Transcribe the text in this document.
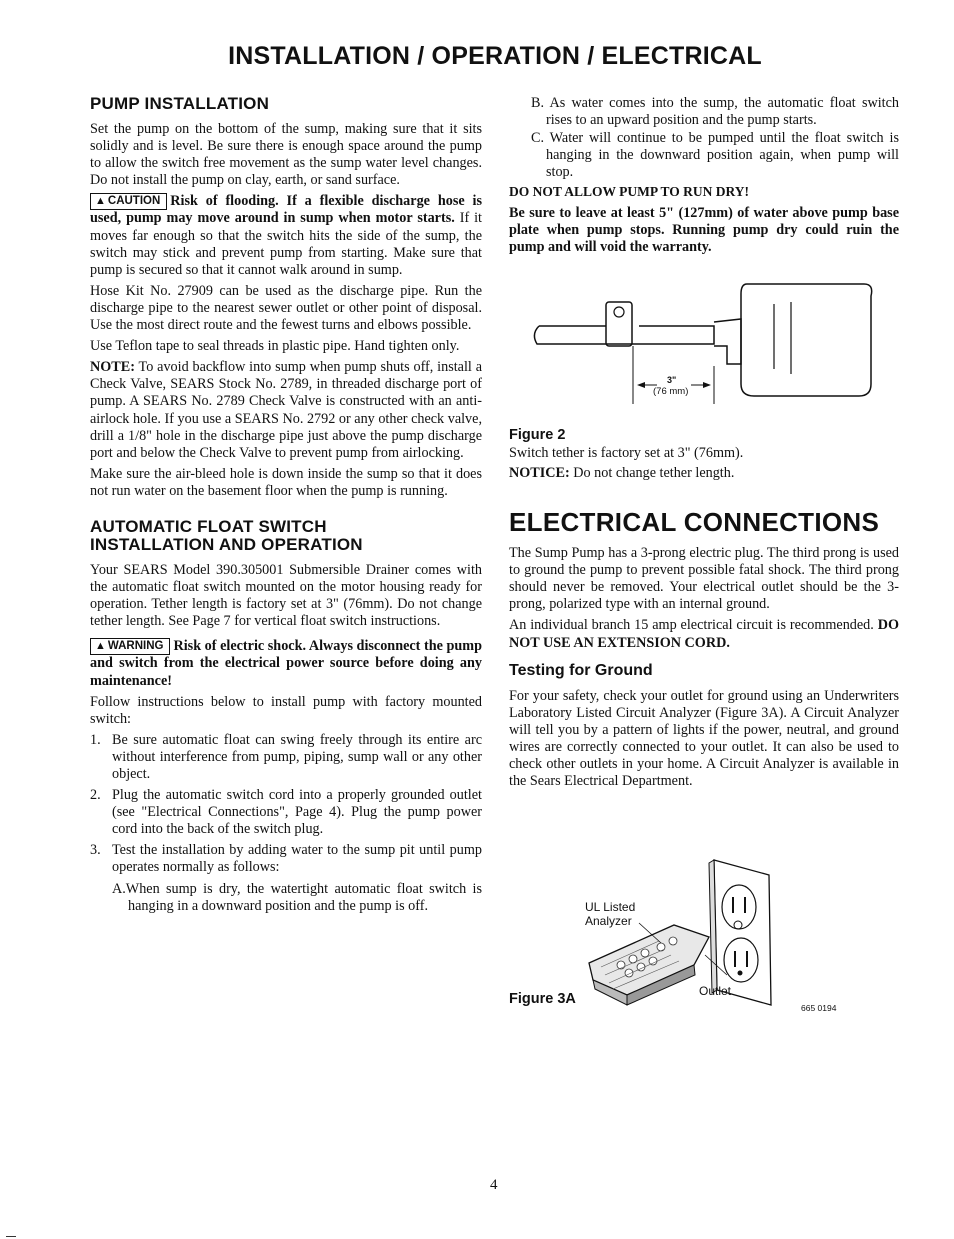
INSTALLATION / OPERATION / ELECTRICAL
PUMP INSTALLATION

Set the pump on the bottom of the sump, making sure that it sits solidly and is level. Be sure there is enough space around the pump to allow the switch free movement as the sump water level changes. Do not install the pump on clay, earth, or sand surface.

▲ CAUTION Risk of flooding. If a flexible discharge hose is used, pump may move around in sump when motor starts. If it moves far enough so that the switch hits the side of the sump, the switch may stick and prevent pump from starting. Make sure that pump is secured so that it cannot walk around in sump.

Hose Kit No. 27909 can be used as the discharge pipe. Run the discharge pipe to the nearest sewer outlet or other point of disposal. Use the most direct route and the fewest turns and elbows possible.

Use Teflon tape to seal threads in plastic pipe. Hand tighten only.

NOTE: To avoid backflow into sump when pump shuts off, install a Check Valve, SEARS Stock No. 2789, in threaded discharge port of pump. A SEARS No. 2789 Check Valve is constructed with an anti-airlock hole. If you use a SEARS No. 2792 or any other check valve, drill a 1/8" hole in the discharge pipe just above the pump discharge port and below the Check Valve to prevent pump from airlocking.

Make sure the air-bleed hole is down inside the sump so that it does not run water on the basement floor when the pump is running.

AUTOMATIC FLOAT SWITCH
INSTALLATION AND OPERATION

Your SEARS Model 390.305001 Submersible Drainer comes with the automatic float switch mounted on the motor housing ready for operation. Tether length is factory set at 3" (76mm). Do not change tether length. See Page 7 for vertical float switch instructions.

▲ WARNING Risk of electric shock. Always disconnect the pump and switch from the electrical power source before doing any maintenance!

Follow instructions below to install pump with factory mounted switch:

1. Be sure automatic float can swing freely through its entire arc without interference from pump, piping, sump wall or any other object.
2. Plug the automatic switch cord into a properly grounded outlet (see "Electrical Connections", Page 4). Plug the pump power cord into the back of the switch plug.
3. Test the installation by adding water to the sump pit until pump operates normally as follows:
A.When sump is dry, the watertight automatic float switch is hanging in a downward position and the pump is off.

B. As water comes into the sump, the automatic float switch rises to an upward position and the pump starts.

C. Water will continue to be pumped until the float switch is hanging in the downward position again, when pump will stop.

DO NOT ALLOW PUMP TO RUN DRY!

Be sure to leave at least 5" (127mm) of water above pump base plate when pump stops. Running pump dry could ruin the pump and will void the warranty.

3"
(76 mm)
Figure 2

Switch tether is factory set at 3" (76mm).

NOTICE: Do not change tether length.

ELECTRICAL CONNECTIONS

The Sump Pump has a 3-prong electric plug. The third prong is used to ground the pump to prevent possible fatal shock. The third prong should never be removed. Your electrical outlet should be the 3-prong, polarized type with an internal ground.

An individual branch 15 amp electrical circuit is recommended. DO NOT USE AN EXTENSION CORD.

Testing for Ground

For your safety, check your outlet for ground using an Underwriters Laboratory Listed Circuit Analyzer (Figure 3A). A Circuit Analyzer will tell you by a pattern of lights if the power, neutral, and ground wires are correctly connected to your outlet. It can also be used to check other outlets in your home. A Circuit Analyzer is available in the Sears Electrical Department.

UL Listed
Analyzer
Outlet
Figure 3A
665 0194
4
